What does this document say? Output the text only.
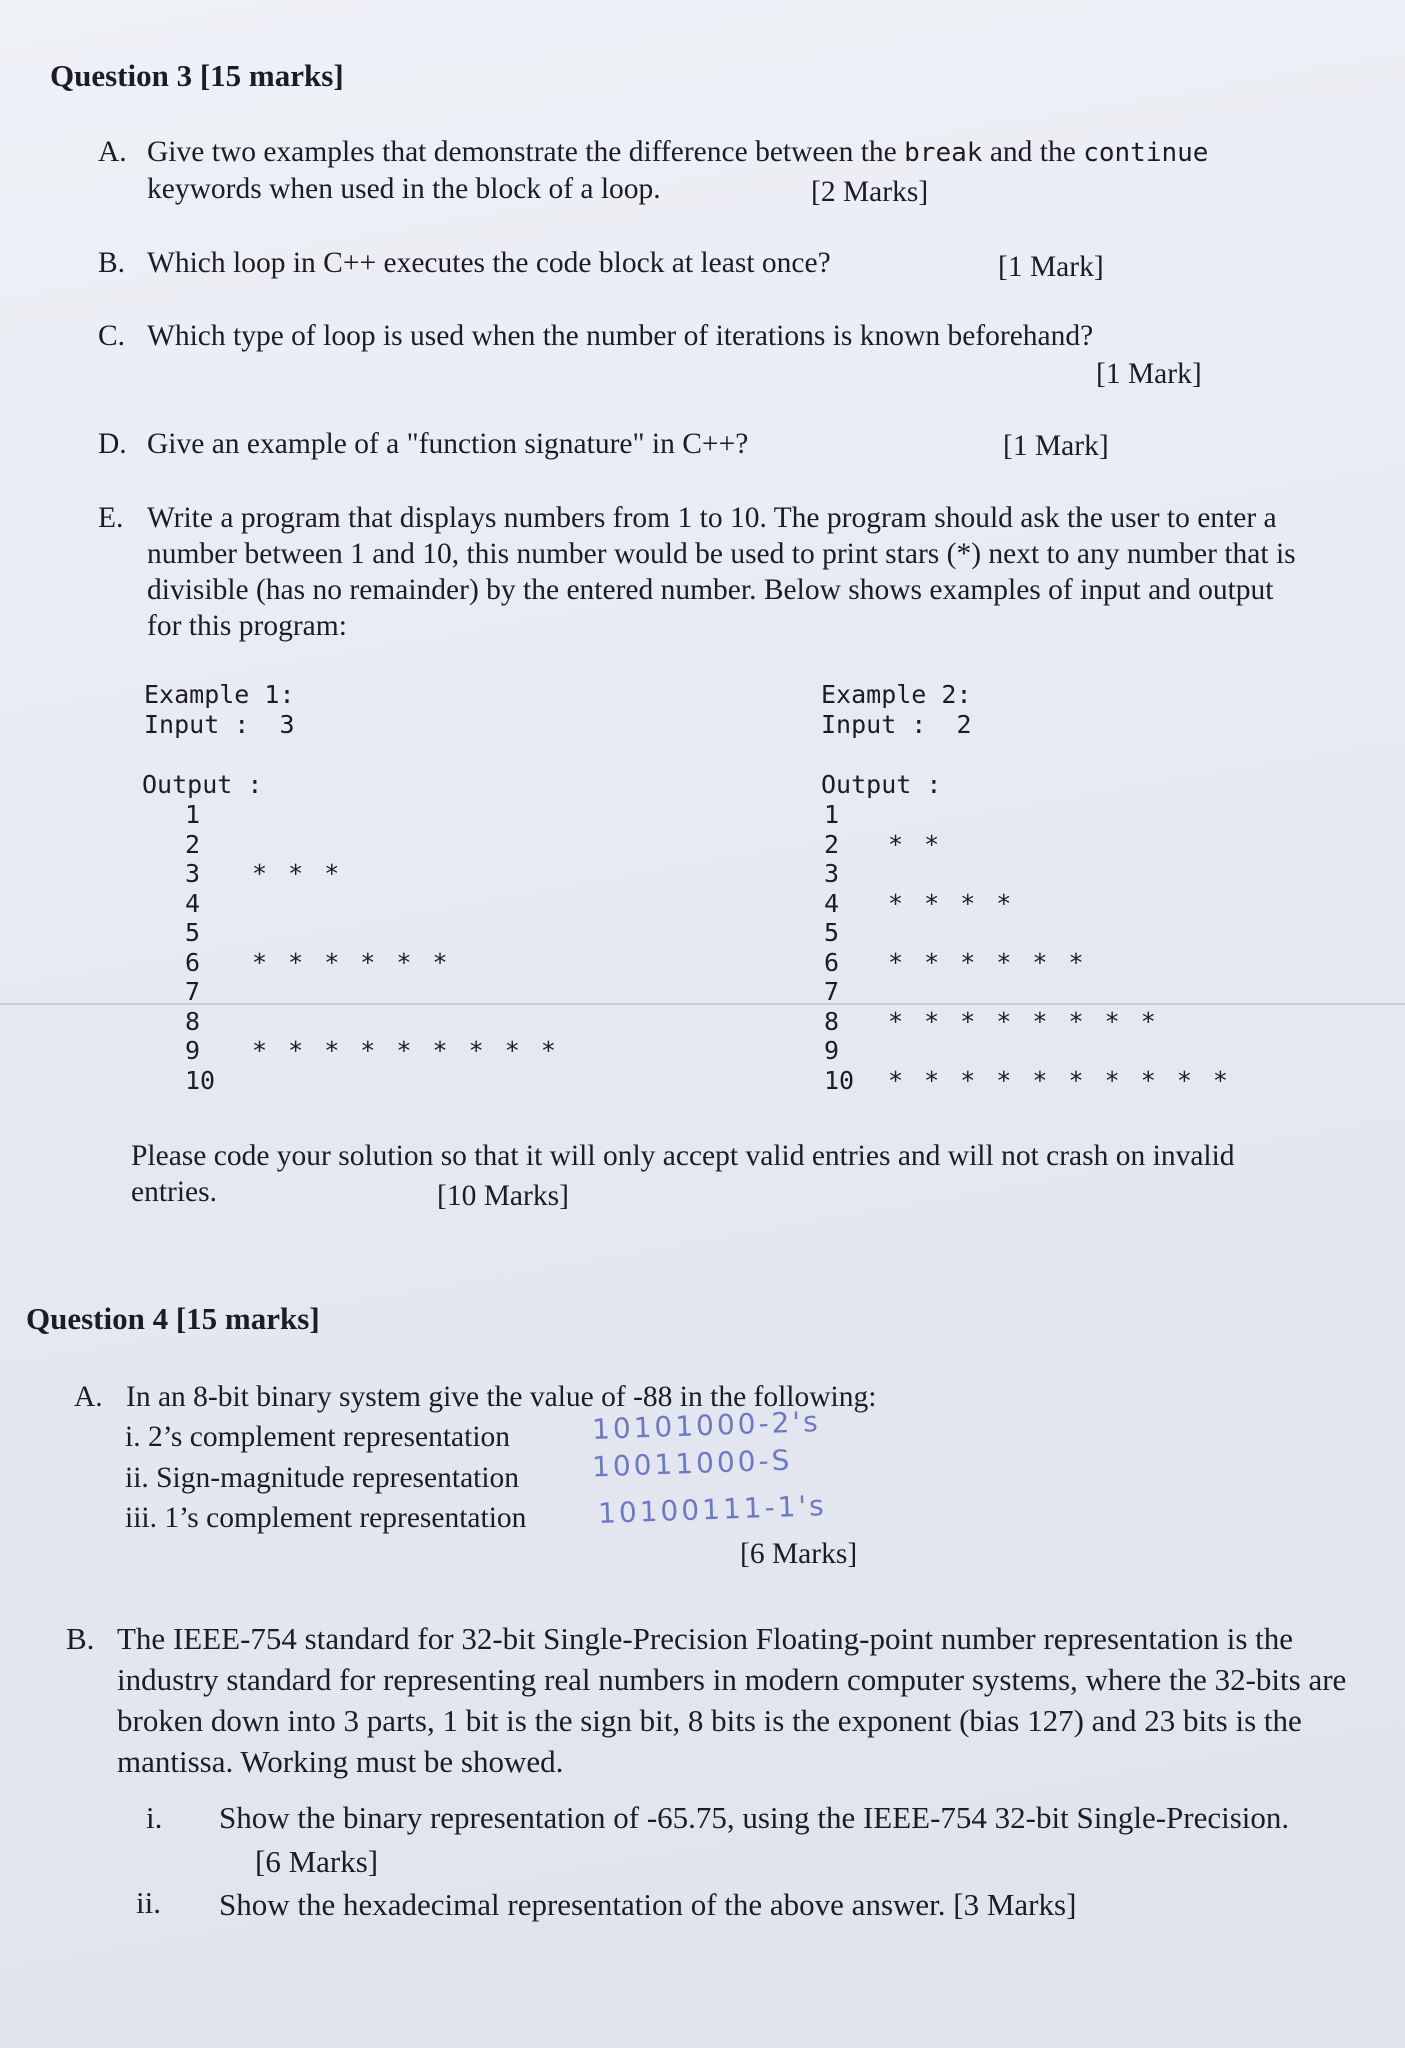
Question 3 [15 marks]
A. Give two examples that demonstrate the difference between the break and the continue
keywords when used in the block of a loop.	[2 Marks]
B. Which loop in C++ executes the code block at least once?	[1 Mark]
C. Which type of loop is used when the number of iterations is known beforehand?
[1 Mark]
D. Give an example of a "function signature" in C++?	[1 Mark]
E. Write a program that displays numbers from 1 to 10. The program should ask the user to enter a number between 1 and 10, this number would be used to print stars (*) next to any number that is divisible (has no remainder) by the entered number. Below shows examples of input and output for this program:
Example 1:
Input :  3
Output :
1
2
3 * * *
4
5
6 * * * * * *
7
8
9 * * * * * * * * *
10
Example 2:
Input :  2
Output :
1
2 * *
3
4 * * * *
5
6 * * * * * *
7
8 * * * * * * * *
9
10 * * * * * * * * * *
Please code your solution so that it will only accept valid entries and will not crash on invalid entries.	[10 Marks]
Question 4 [15 marks]
A. In an 8-bit binary system give the value of -88 in the following:
i. 2’s complement representation	10101000-2's
ii. Sign-magnitude representation	10011000-S
iii. 1’s complement representation	10100111-1's
[6 Marks]
B. The IEEE-754 standard for 32-bit Single-Precision Floating-point number representation is the industry standard for representing real numbers in modern computer systems, where the 32-bits are broken down into 3 parts, 1 bit is the sign bit, 8 bits is the exponent (bias 127) and 23 bits is the mantissa. Working must be showed.
i. Show the binary representation of -65.75, using the IEEE-754 32-bit Single-Precision. [6 Marks]
ii. Show the hexadecimal representation of the above answer. [3 Marks]
